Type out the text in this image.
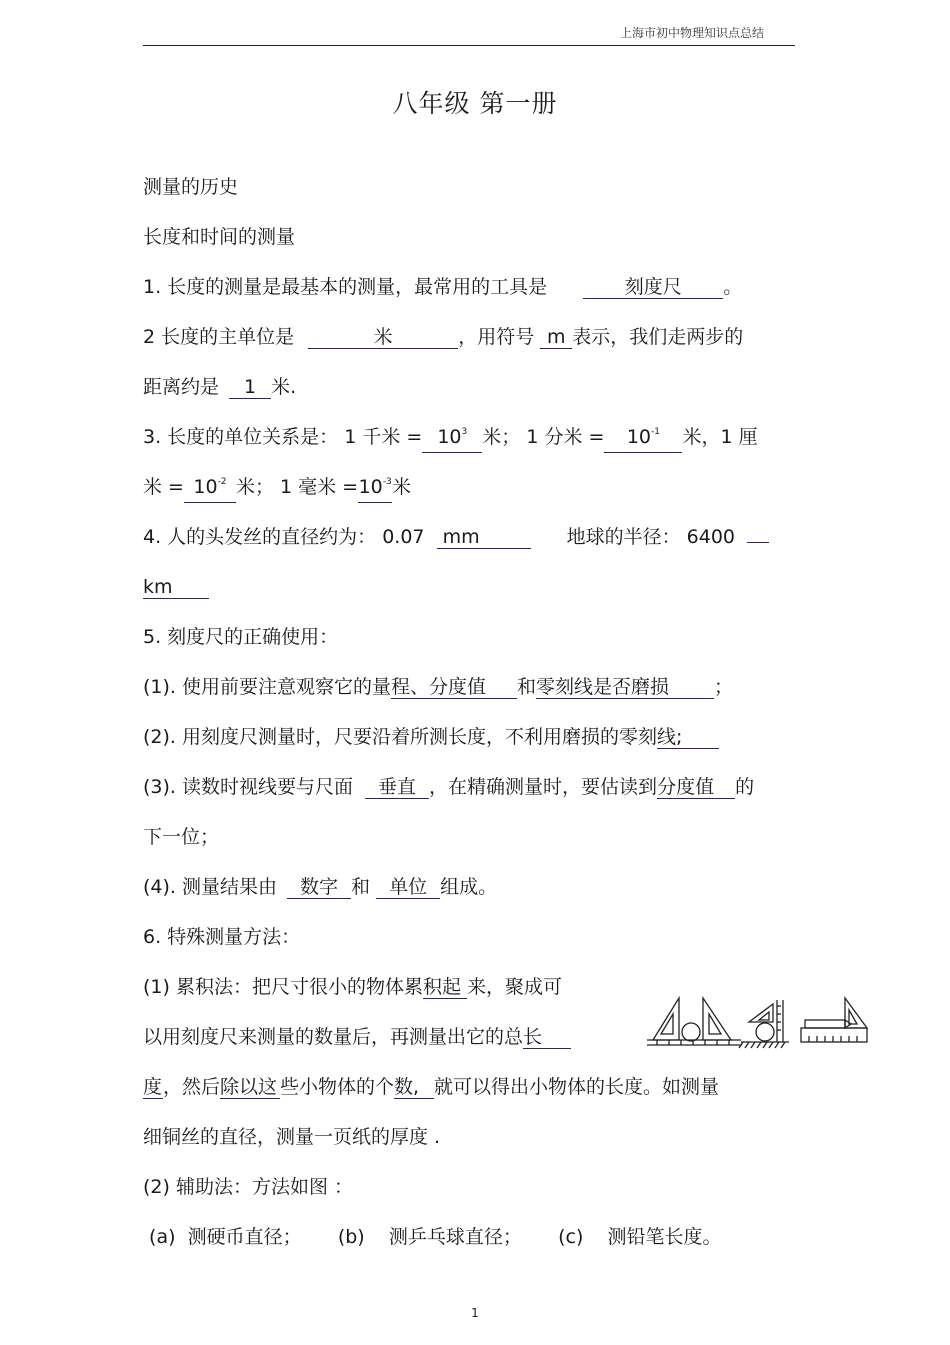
上海市初中物理知识点总结
八年级 第一册
测量的历史
长度和时间的测量
1. 长度的测量是最基本的测量，最常用的工具是	刻度尺 。
2 长度的主单位是	米	，用符号 m 表示，我们走两步的
距离约是 1 米.
3. 长度的单位关系是： 1 千米 = $10^3$ 米； 1 分米 = $10^{-1}$ 米，1 厘
米 = $10^{-2}$ 米； 1 毫米 $=10^{-3}$米
4. 人的头发丝的直径约为： 0.07 mm	地球的半径： 6400
km
5. 刻度尺的正确使用：
(1). 使用前要注意观察它的量程、分度值 和零刻线是否磨损 ；
(2). 用刻度尺测量时，尺要沿着所测长度，不利用磨损的零刻线;
(3). 读数时视线要与尺面 垂直 ，在精确测量时，要估读到分度值 的
下一位；
(4). 测量结果由 数字 和 单位 组成。
6. 特殊测量方法：
(1) 累积法：把尺寸很小的物体累积起 来，聚成可
以用刻度尺来测量的数量后，再测量出它的总长
度，然后除以这 些小物体的个数, 就可以得出小物体的长度。如测量
细铜丝的直径，测量一页纸的厚度 .
(2) 辅助法：方法如图 ：
(a)  测硬币直径；      (b)    测乒乓球直径；      (c)    测铅笔长度。
1
